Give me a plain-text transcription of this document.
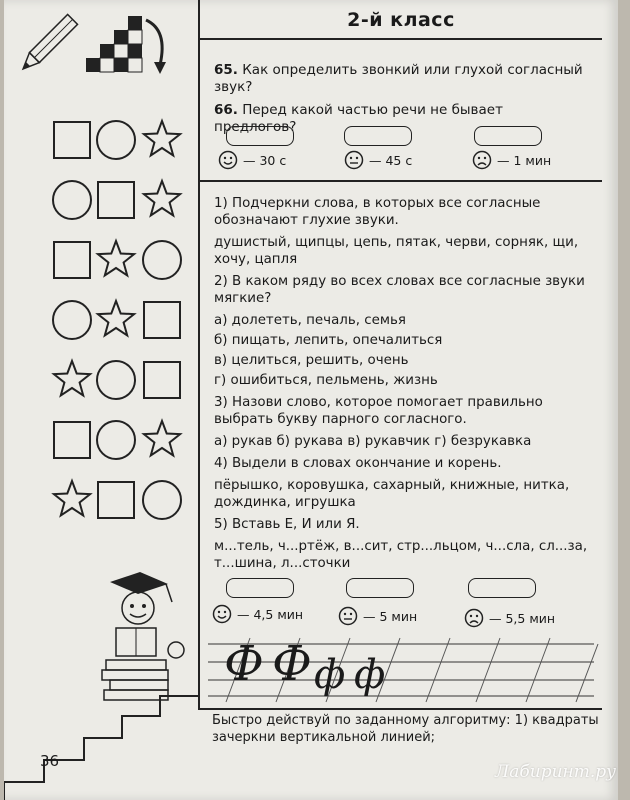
2-й класс
65. Как определить звонкий или глухой согласный звук?
66. Перед какой частью речи не бывает предлогов?
— 30 с	— 45 с	— 1 мин

1) Подчеркни слова, в которых все согласные обозначают глухие звуки.

душистый, щипцы, цепь, пятак, черви, сорняк, щи, хочу, цапля

2) В каком ряду во всех словах все согласные звуки мягкие?

а) долететь, печаль, семья

б) пищать, лепить, опечалиться

в) целиться, решить, очень

г) ошибиться, пельмень, жизнь

3) Назови слово, которое помогает правильно выбрать букву парного согласного.

а) рукав б) рукава в) рукавчик г) безрукавка

4) Выдели в словах окончание и корень.

пёрышко, коровушка, сахарный, книжные, нитка, дождинка, игрушка

5) Вставь Е, И или Я.

м...тель, ч...ртёж, в...сит, стр...льцом, ч...сла, сл...за, т...шина, л...сточки

— 4,5 мин	— 5 мин	— 5,5 мин
Ф Ф ф ф
Быстро действуй по заданному алгоритму: 1) квадраты зачеркни вертикальной линией;
36
Лабиринт.ру
